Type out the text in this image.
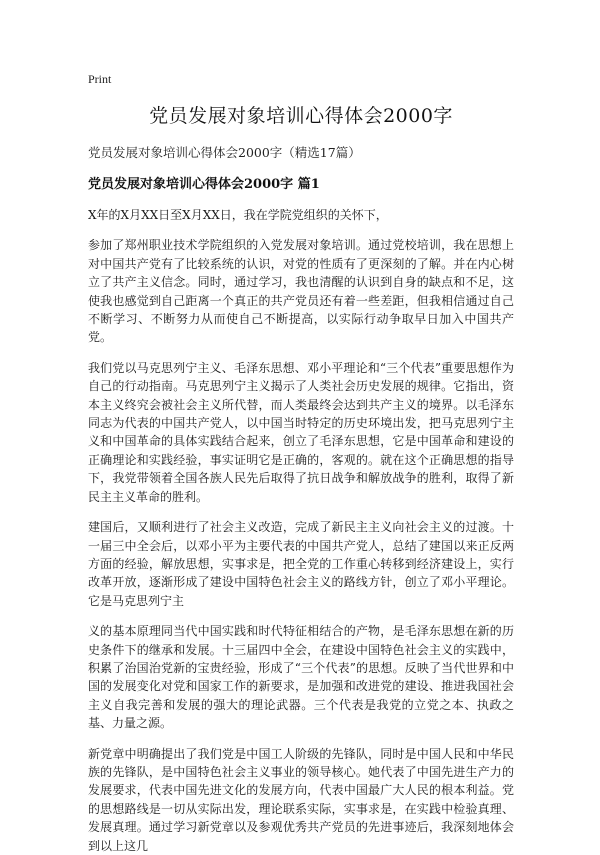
Print
党员发展对象培训心得体会2000字
党员发展对象培训心得体会2000字（精选17篇）
党员发展对象培训心得体会2000字 篇1

X年的X月XX日至X月XX日，我在学院党组织的关怀下，

参加了郑州职业技术学院组织的入党发展对象培训。通过党校培训，我在思想上对中国共产党有了比较系统的认识，对党的性质有了更深刻的了解。并在内心树立了共产主义信念。同时，通过学习，我也清醒的认识到自身的缺点和不足，这使我也感觉到自己距离一个真正的共产党员还有着一些差距，但我相信通过自己不断学习、不断努力从而使自己不断提高，以实际行动争取早日加入中国共产党。

我们党以马克思列宁主义、毛泽东思想、邓小平理论和“三个代表”重要思想作为自己的行动指南。马克思列宁主义揭示了人类社会历史发展的规律。它指出，资本主义终究会被社会主义所代替，而人类最终会达到共产主义的境界。以毛泽东同志为代表的中国共产党人，以中国当时特定的历史环境出发，把马克思列宁主义和中国革命的具体实践结合起来，创立了毛泽东思想，它是中国革命和建设的正确理论和实践经验，事实证明它是正确的，客观的。就在这个正确思想的指导下，我党带领着全国各族人民先后取得了抗日战争和解放战争的胜利，取得了新民主主义革命的胜利。

建国后，又顺利进行了社会主义改造，完成了新民主主义向社会主义的过渡。十一届三中全会后，以邓小平为主要代表的中国共产党人，总结了建国以来正反两方面的经验，解放思想，实事求是，把全党的工作重心转移到经济建设上，实行改革开放，逐渐形成了建设中国特色社会主义的路线方针，创立了邓小平理论。它是马克思列宁主

义的基本原理同当代中国实践和时代特征相结合的产物，是毛泽东思想在新的历史条件下的继承和发展。十三届四中全会，在建设中国特色社会主义的实践中，积累了治国治党新的宝贵经验，形成了“三个代表”的思想。反映了当代世界和中国的发展变化对党和国家工作的新要求，是加强和改进党的建设、推进我国社会主义自我完善和发展的强大的理论武器。三个代表是我党的立党之本、执政之基、力量之源。

新党章中明确提出了我们党是中国工人阶级的先锋队，同时是中国人民和中华民族的先锋队，是中国特色社会主义事业的领导核心。她代表了中国先进生产力的发展要求，代表中国先进文化的发展方向，代表中国最广大人民的根本利益。党的思想路线是一切从实际出发，理论联系实际，实事求是，在实践中检验真理、发展真理。通过学习新党章以及参观优秀共产党员的先进事迹后，我深刻地体会到以上这几
